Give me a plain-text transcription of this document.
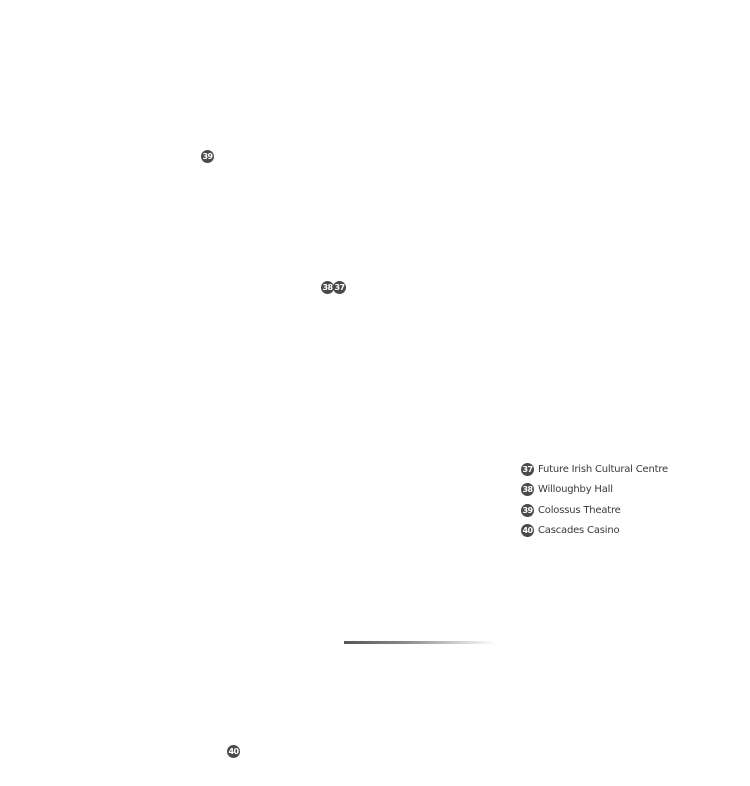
39
38 37
40
37 Future Irish Cultural Centre
38 Willoughby Hall
39 Colossus Theatre
40 Cascades Casino
